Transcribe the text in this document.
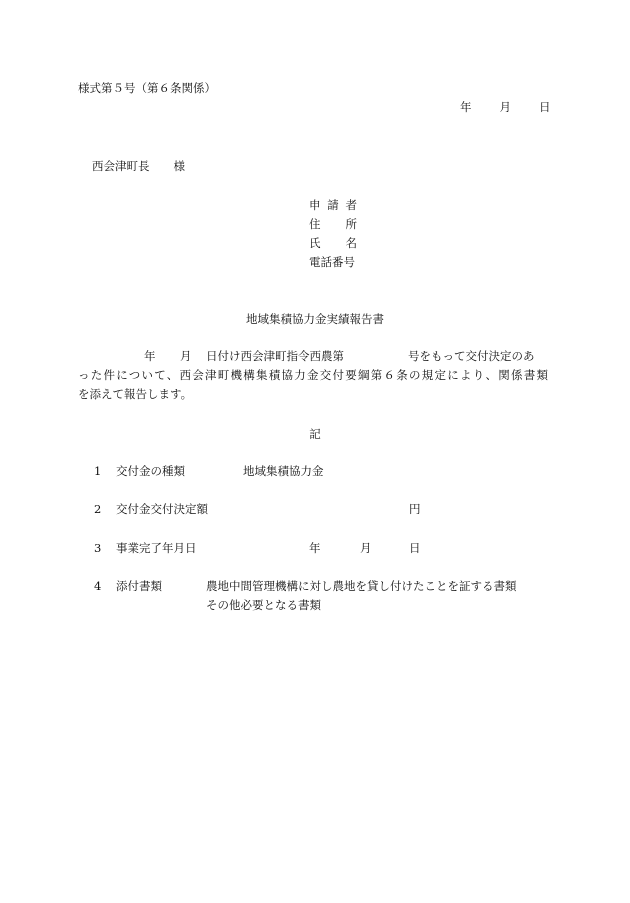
様式第５号（第６条関係）
年 月 日
西会津町長 様
申 請 者
住 所
氏 名
電話番号
地域集積協力金実績報告書
年 月 日付け西会津町指令西農第	号をもって交付決定のあ
った件について、西会津町機構集積協力金交付要綱第６条の規定により、関係書類
を添えて報告します。
記
1 交付金の種類	地域集積協力金
2 交付金交付決定額	円
3 事業完了年月日	年	月	日
4 添付書類	農地中間管理機構に対し農地を貸し付けたことを証する書類
その他必要となる書類
